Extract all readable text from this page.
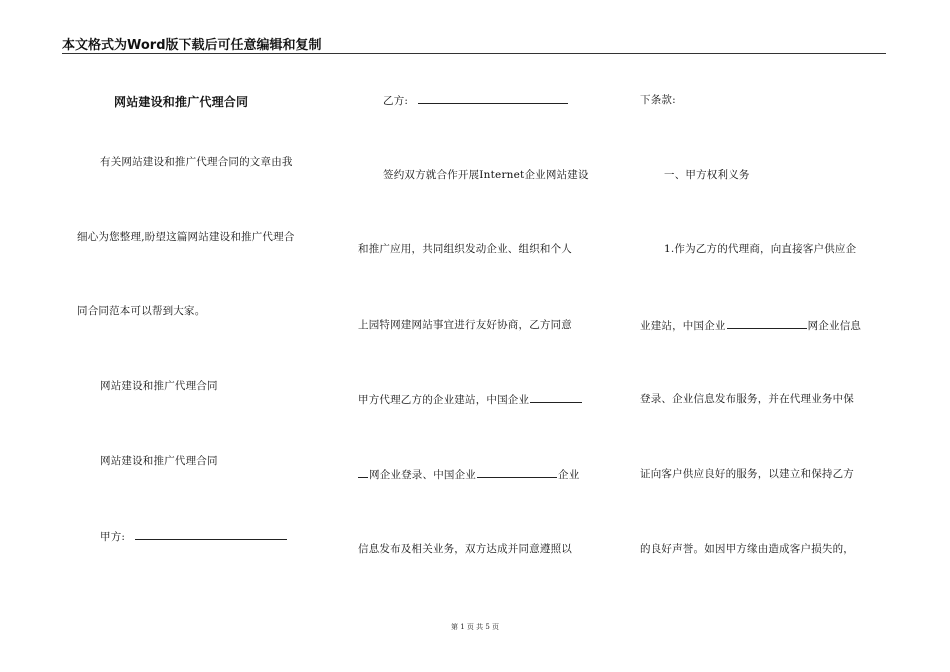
本文格式为Word版下载后可任意编辑和复制
网站建设和推广代理合同
有关网站建设和推广代理合同的文章由我
细心为您整理,盼望这篇网站建设和推广代理合
同合同范本可以帮到大家。
网站建设和推广代理合同
网站建设和推广代理合同
甲方:
乙方:
签约双方就合作开展Internet企业网站建设
和推广应用，共同组织发动企业、组织和个人
上园特网建网站事宜进行友好协商，乙方同意
甲方代理乙方的企业建站，中国企业
网企业登录、中国企业	企业
信息发布及相关业务，双方达成并同意遵照以
下条款:
一、甲方权利义务
1.作为乙方的代理商，向直接客户供应企
业建站，中国企业	网企业信息
登录、企业信息发布服务，并在代理业务中保
证向客户供应良好的服务，以建立和保持乙方
的良好声誉。如因甲方缘由造成客户损失的，
第 1 页 共 5 页
